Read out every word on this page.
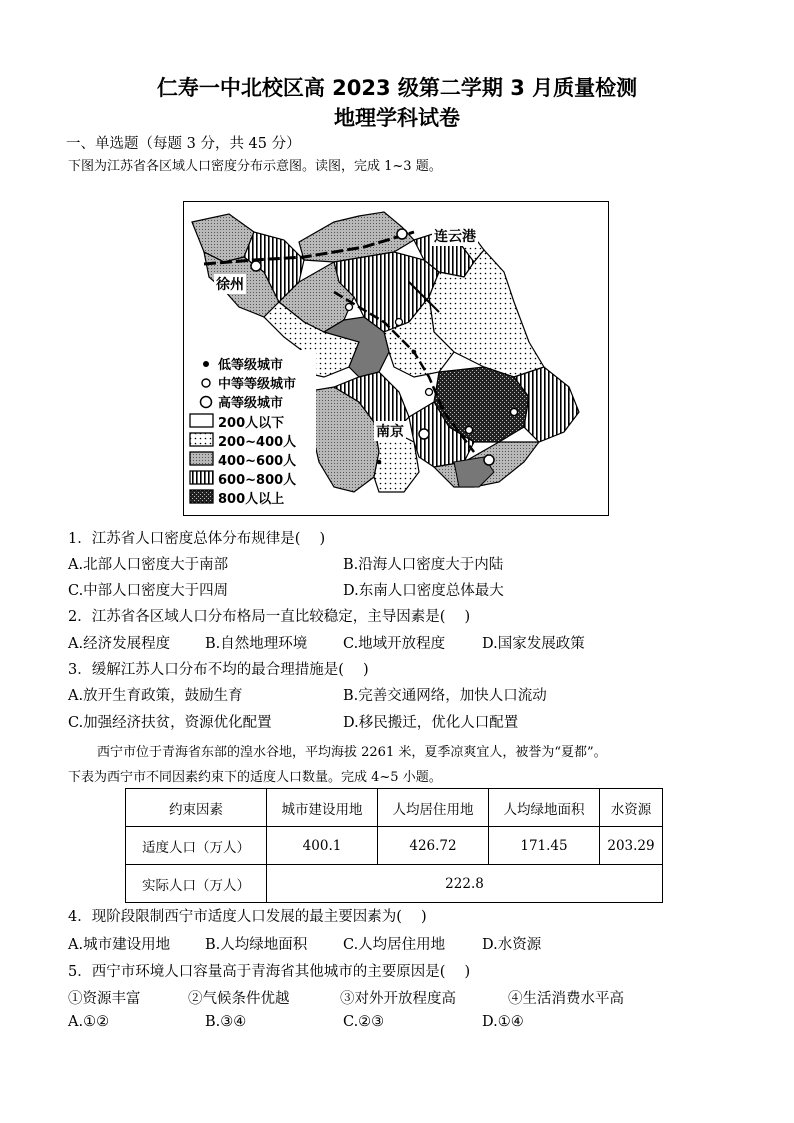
仁寿一中北校区高 2023 级第二学期 3 月质量检测
地理学科试卷
一、单选题（每题 3 分，共 45 分）
下图为江苏省各区域人口密度分布示意图。读图，完成 1~3 题。
连云港
徐州
南京
低等级城市
中等等级城市
高等级城市
200人以下
200~400人
400~600人
600~800人
800人以上
1．江苏省人口密度总体分布规律是(　 )
A.北部人口密度大于南部	B.沿海人口密度大于内陆
C.中部人口密度大于四周	D.东南人口密度总体最大
2．江苏省各区域人口分布格局一直比较稳定，主导因素是(　 )
A.经济发展程度 B.自然地理环境 C.地域开放程度	D.国家发展政策
3．缓解江苏人口分布不均的最合理措施是(　 )
A.放开生育政策，鼓励生育	B.完善交通网络，加快人口流动
C.加强经济扶贫，资源优化配置	D.移民搬迁，优化人口配置
西宁市位于青海省东部的湟水谷地，平均海拔 2261 米，夏季凉爽宜人，被誉为“夏都”。
下表为西宁市不同因素约束下的适度人口数量。完成 4~5 小题。
约束因素	城市建设用地	人均居住用地	人均绿地面积	水资源
适度人口（万人）	400.1	426.72	171.45	203.29
实际人口（万人）	222.8			
4．现阶段限制西宁市适度人口发展的最主要因素为(　 )
A.城市建设用地 B.人均绿地面积 C.人均居住用地	D.水资源
5．西宁市环境人口容量高于青海省其他城市的主要原因是(　 )
①资源丰富	②气候条件优越	③对外开放程度高	④生活消费水平高
A.①②	B.③④	C.②③	D.①④
